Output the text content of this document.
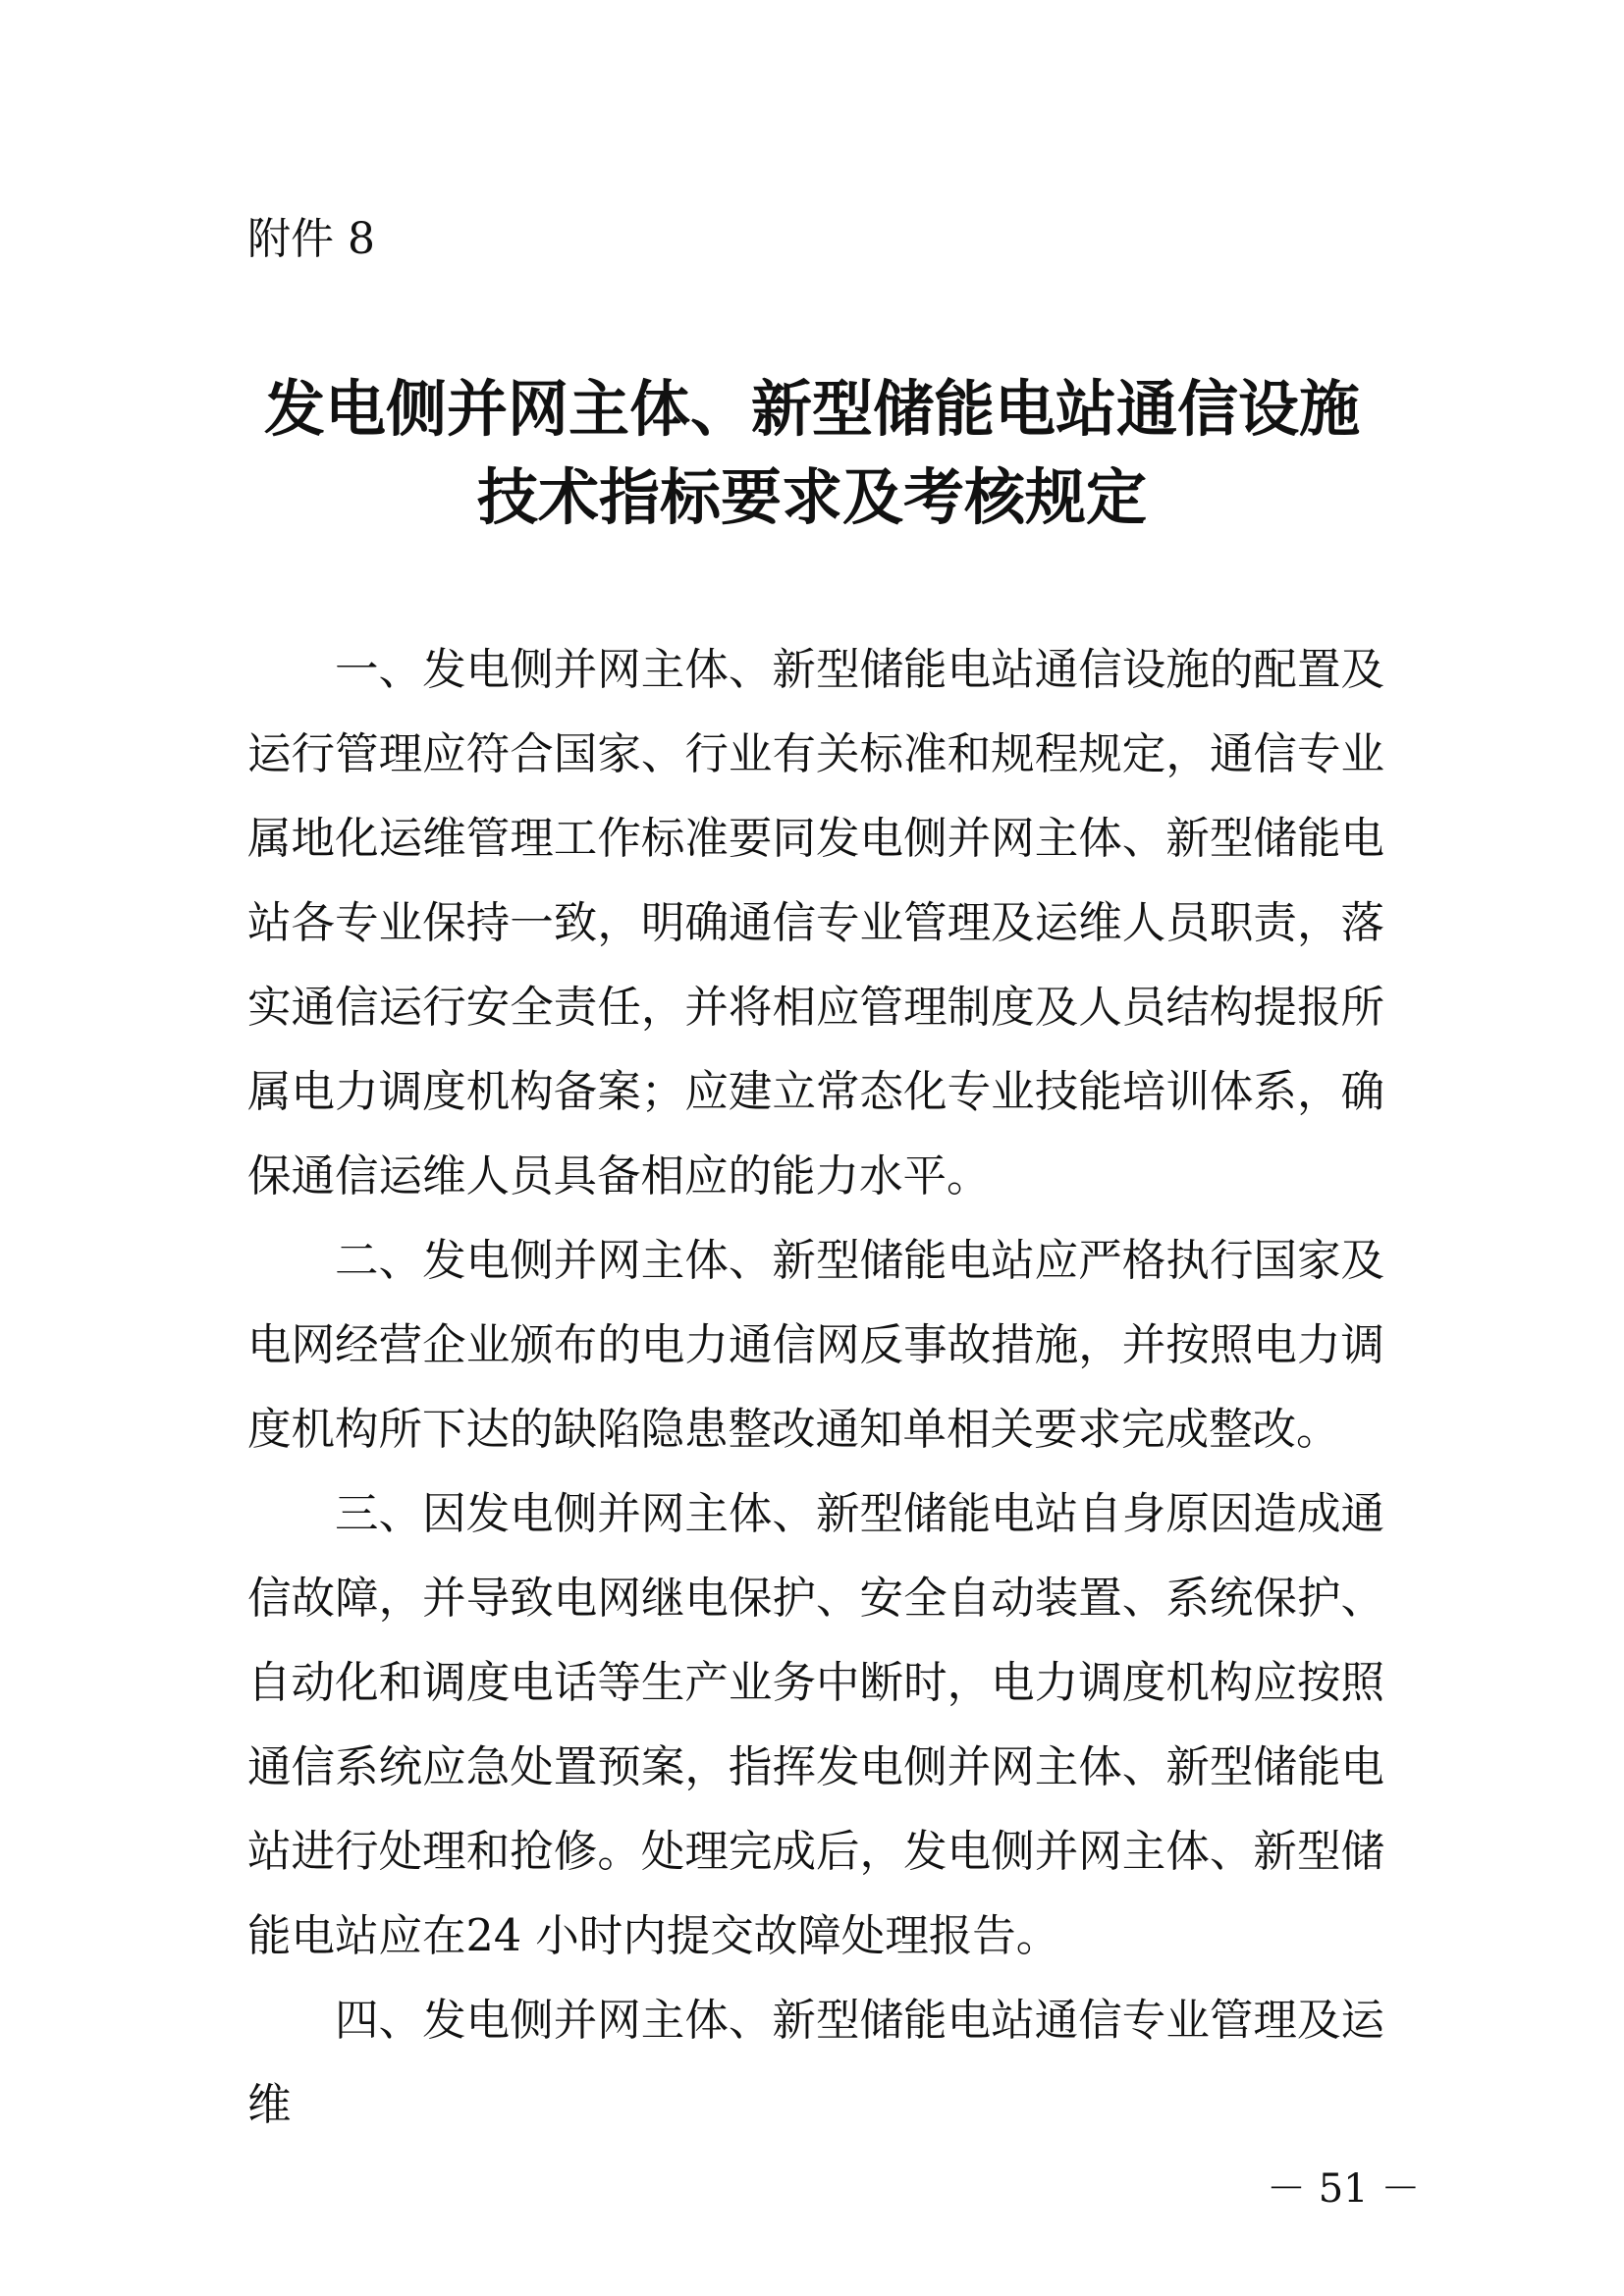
附件 8
发电侧并网主体、新型储能电站通信设施
技术指标要求及考核规定

一、发电侧并网主体、新型储能电站通信设施的配置及运行管理应符合国家、行业有关标准和规程规定，通信专业属地化运维管理工作标准要同发电侧并网主体、新型储能电站各专业保持一致，明确通信专业管理及运维人员职责，落实通信运行安全责任，并将相应管理制度及人员结构提报所属电力调度机构备案；应建立常态化专业技能培训体系，确保通信运维人员具备相应的能力水平。

二、发电侧并网主体、新型储能电站应严格执行国家及电网经营企业颁布的电力通信网反事故措施，并按照电力调度机构所下达的缺陷隐患整改通知单相关要求完成整改。

三、因发电侧并网主体、新型储能电站自身原因造成通信故障，并导致电网继电保护、安全自动装置、系统保护、自动化和调度电话等生产业务中断时，电力调度机构应按照通信系统应急处置预案，指挥发电侧并网主体、新型储能电站进行处理和抢修。处理完成后，发电侧并网主体、新型储能电站应在24 小时内提交故障处理报告。

四、发电侧并网主体、新型储能电站通信专业管理及运维

－ 51 －
